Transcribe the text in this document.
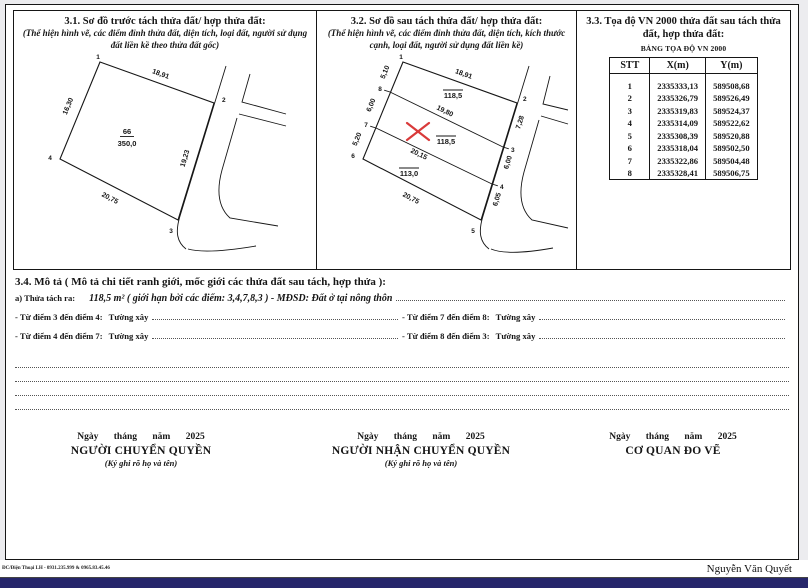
3.1. Sơ đồ trước tách thửa đất/ hợp thửa đất:
(Thể hiện hình vẽ, các điểm đỉnh thửa đất, diện tích, loại đất, người sử dụng đất liền kề theo thửa đất gốc)
1
2
3
4
18,91
19,23
20,75
16,30
66
350,0
3.2. Sơ đồ sau tách thửa đất/ hợp thửa đất:
(Thể hiện hình vẽ, các điểm đỉnh thửa đất, diện tích, kích thước cạnh, loại đất, người sử dụng đất liền kề)
1
2
3
4
5
6
7
8
18,91
7,28
6,00
6,05
20,75
5,20
6,00
5,10
19,80
20,15
118,5
118,5
113,0
3.3. Tọa độ VN 2000 thửa đất sau tách thửa đất, hợp thửa đất:
BẢNG TỌA ĐỘ VN 2000
STT	X(m)	Y(m)
1	2335333,13	589508,68
2	2335326,79	589526,49
3	2335319,83	589524,37
4	2335314,09	589522,62
5	2335308,39	589520,88
6	2335318,04	589502,50
7	2335322,86	589504,48
8	2335328,41	589506,75
3.4. Mô tả ( Mô tả chi tiết ranh giới, mốc giới các thửa đất sau tách, hợp thửa ):
a) Thửa tách ra: 118,5 m² ( giới hạn bởi các điểm: 3,4,7,8,3 ) - MĐSD: Đất ở tại nông thôn
- Từ điểm 3 đến điểm 4: Tường xây	- Từ điểm 7 đến điểm 8: Tường xây
- Từ điểm 4 đến điểm 7: Tường xây	- Từ điểm 8 đến điểm 3: Tường xây
Ngày tháng năm 2025
NGƯỜI CHUYỂN QUYỀN
(Ký ghi rõ họ và tên)
Ngày tháng năm 2025
NGƯỜI NHẬN CHUYỂN QUYỀN
(Ký ghi rõ họ và tên)
Ngày tháng năm 2025
CƠ QUAN ĐO VẼ
ĐC/Điện Thoại LH - 0931.235.999 & 0965.83.45.46	Nguyễn Văn Quyết
